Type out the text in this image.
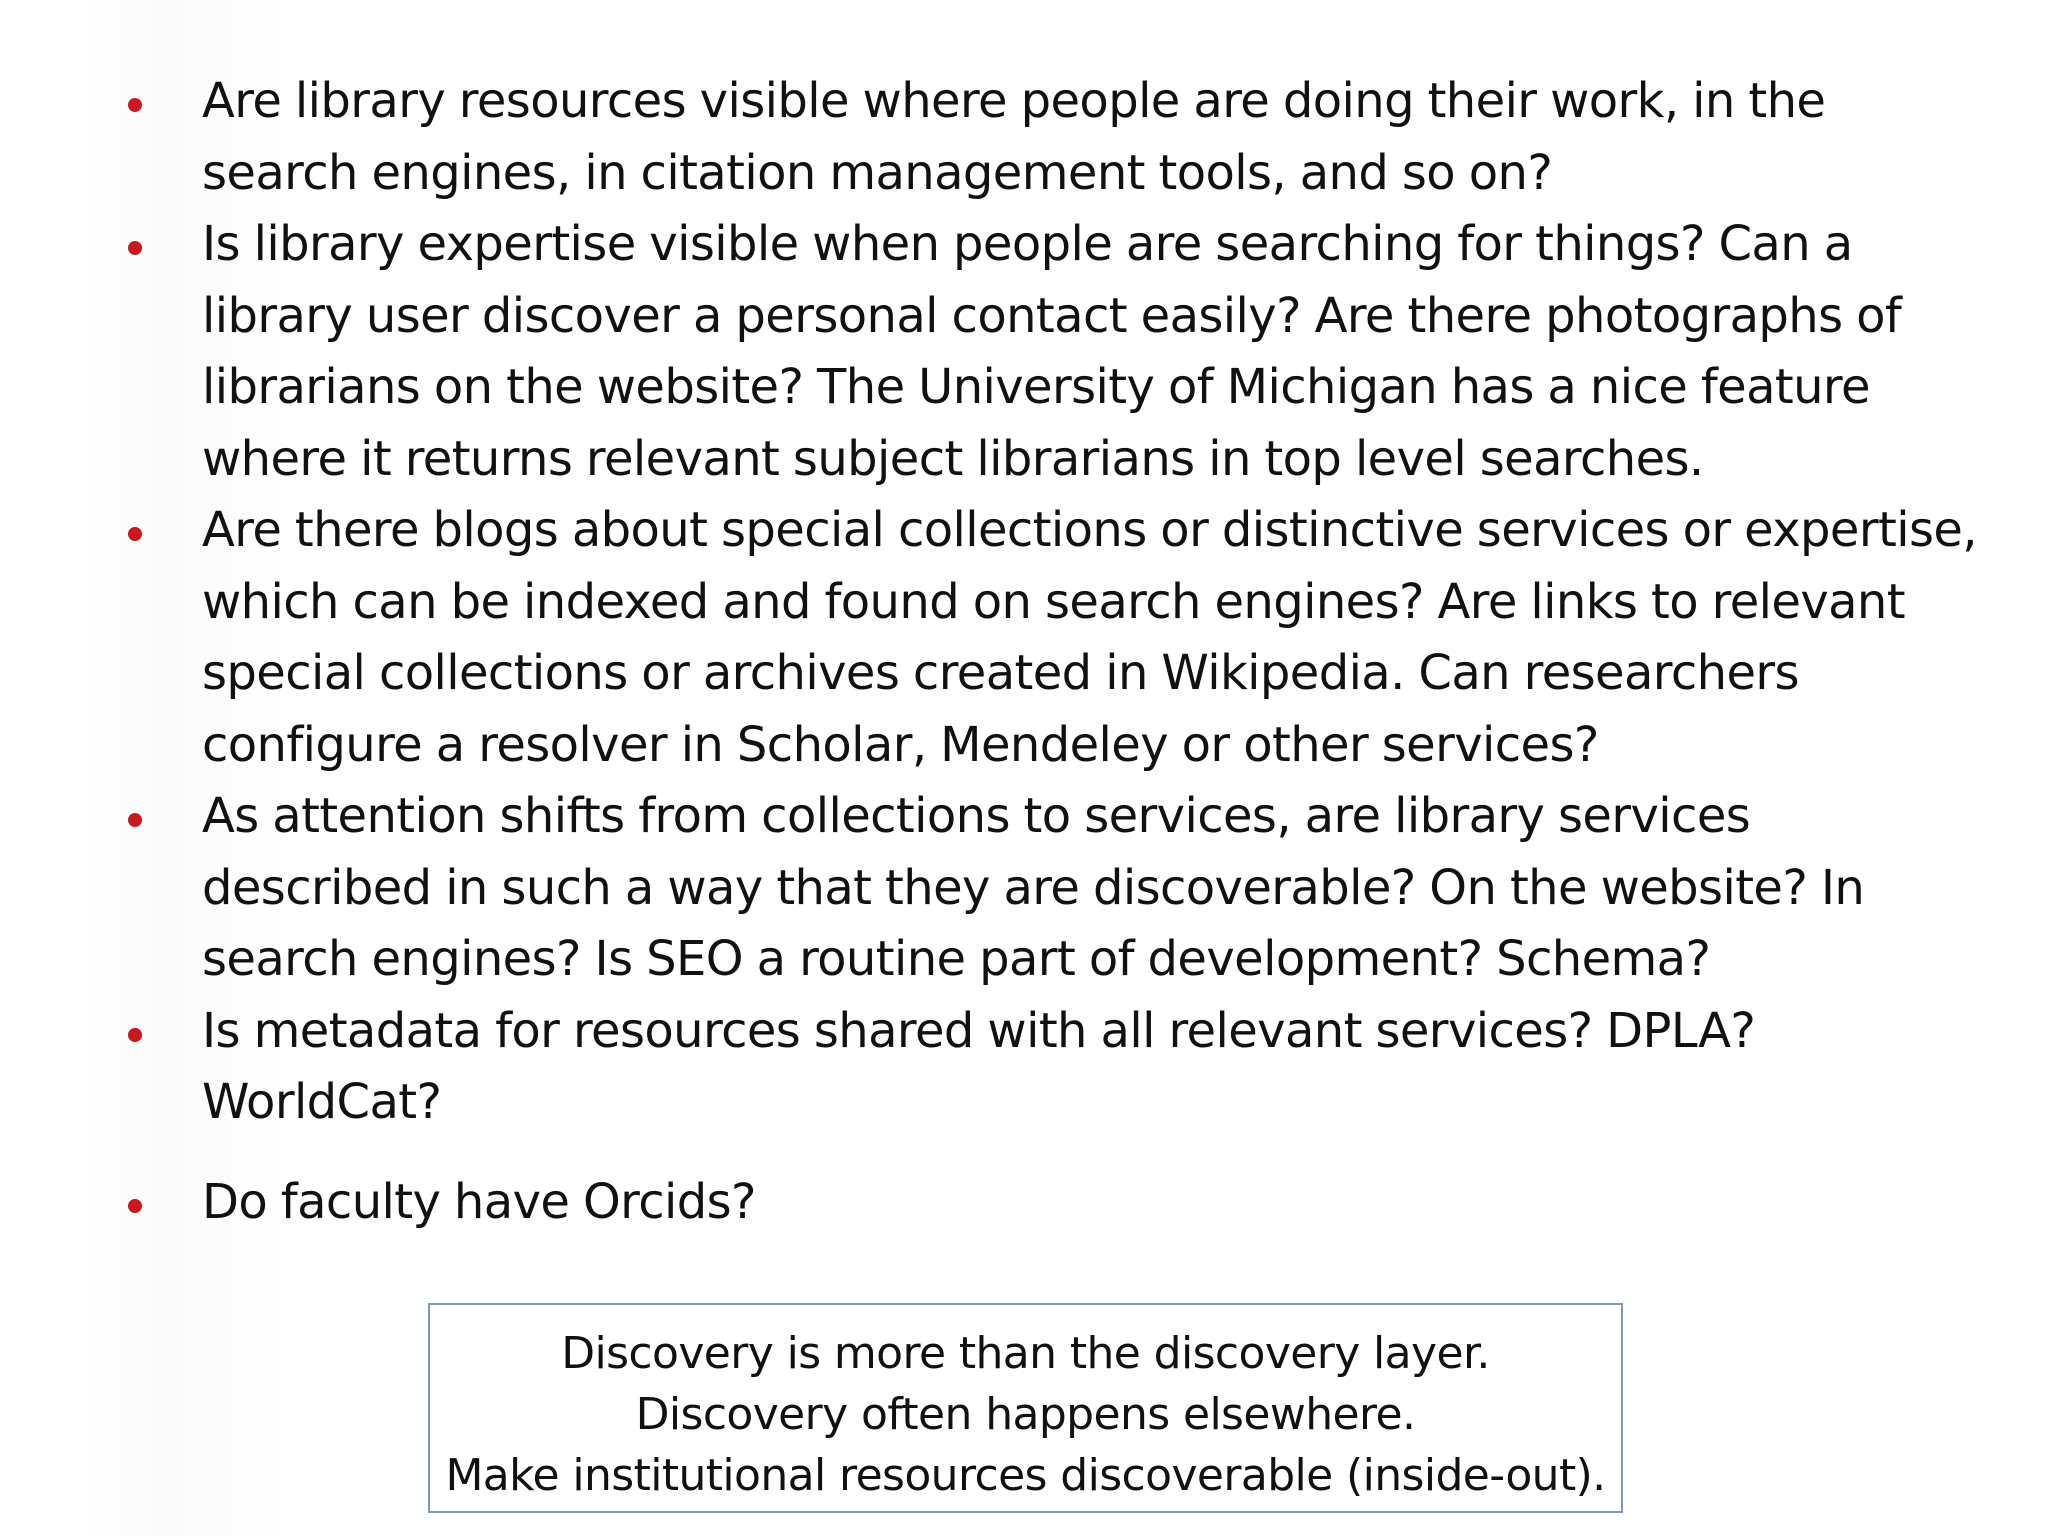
Are library resources visible where people are doing their work, in the search engines, in citation management tools, and so on?
Is library expertise visible when people are searching for things? Can a library user discover a personal contact easily? Are there photographs of librarians on the website? The University of Michigan has a nice feature where it returns relevant subject librarians in top level searches.
Are there blogs about special collections or distinctive services or expertise, which can be indexed and found on search engines? Are links to relevant special collections or archives created in Wikipedia. Can researchers configure a resolver in Scholar, Mendeley or other services?
As attention shifts from collections to services, are library services described in such a way that they are discoverable? On the website? In search engines? Is SEO a routine part of development? Schema?
Is metadata for resources shared with all relevant services? DPLA? WorldCat?
Do faculty have Orcids?
Discovery is more than the discovery layer.
Discovery often happens elsewhere.
Make institutional resources discoverable (inside-out).
